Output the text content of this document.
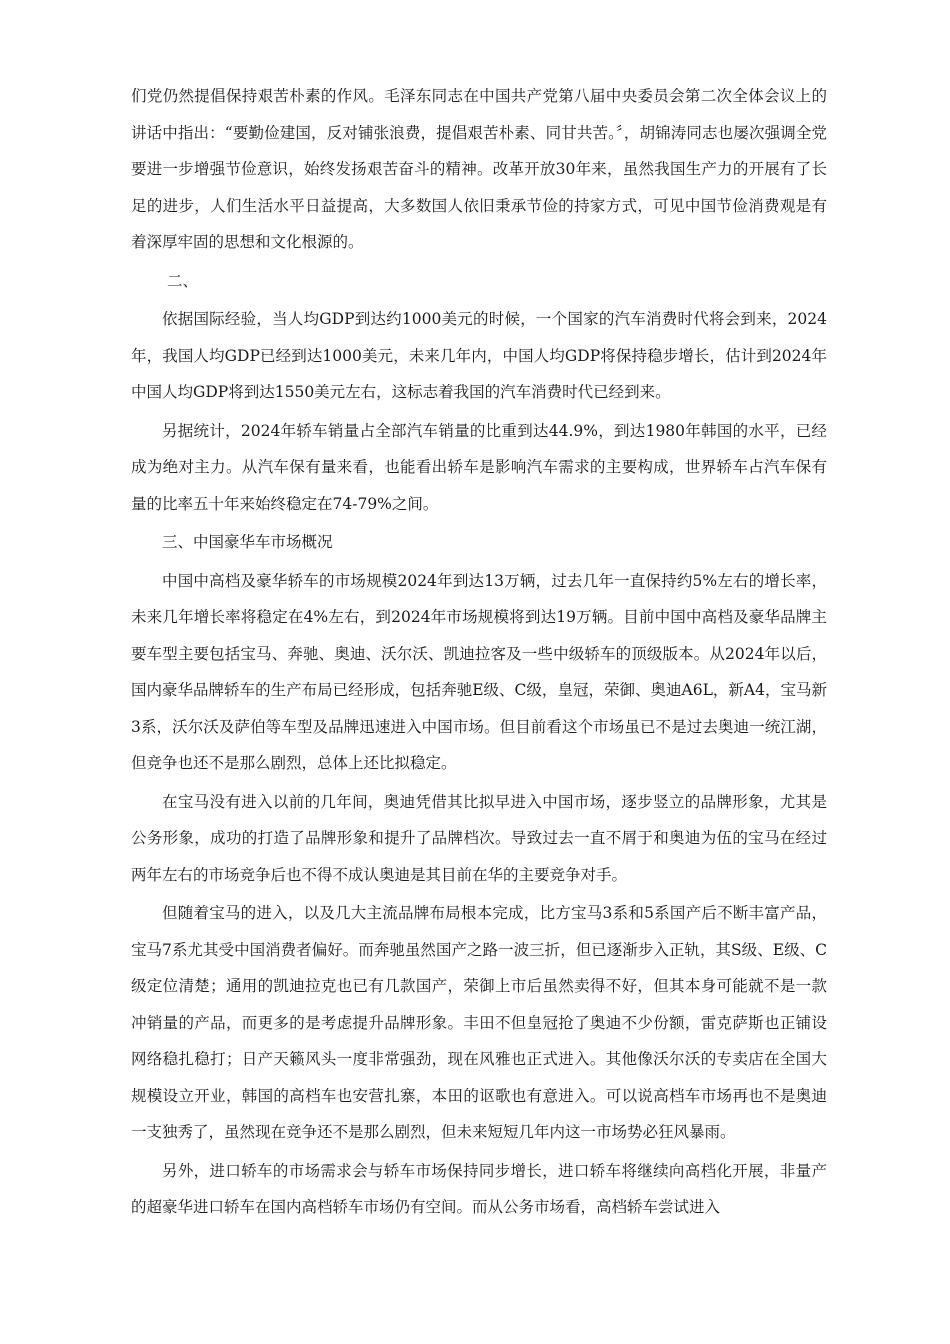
们党仍然提倡保持艰苦朴素的作风。毛泽东同志在中国共产党第八届中央委员会第二次全体会议上的讲话中指出：“要勤俭建国，反对铺张浪费，提倡艰苦朴素、同甘共苦。〞，胡锦涛同志也屡次强调全党要进一步增强节俭意识，始终发扬艰苦奋斗的精神。改革开放30年来，虽然我国生产力的开展有了长足的进步，人们生活水平日益提高，大多数国人依旧秉承节俭的持家方式，可见中国节俭消费观是有着深厚牢固的思想和文化根源的。

二、

依据国际经验，当人均GDP到达约1000美元的时候，一个国家的汽车消费时代将会到来，2024年，我国人均GDP已经到达1000美元，未来几年内，中国人均GDP将保持稳步增长，估计到2024年中国人均GDP将到达1550美元左右，这标志着我国的汽车消费时代已经到来。

另据统计，2024年轿车销量占全部汽车销量的比重到达44.9%，到达1980年韩国的水平，已经成为绝对主力。从汽车保有量来看，也能看出轿车是影响汽车需求的主要构成，世界轿车占汽车保有量的比率五十年来始终稳定在74-79%之间。

三、中国豪华车市场概况

中国中高档及豪华轿车的市场规模2024年到达13万辆，过去几年一直保持约5%左右的增长率，未来几年增长率将稳定在4%左右，到2024年市场规模将到达19万辆。目前中国中高档及豪华品牌主要车型主要包括宝马、奔驰、奥迪、沃尔沃、凯迪拉客及一些中级轿车的顶级版本。从2024年以后，国内豪华品牌轿车的生产布局已经形成，包括奔驰E级、C级，皇冠，荣御、奥迪A6L，新A4，宝马新3系，沃尔沃及萨伯等车型及品牌迅速进入中国市场。但目前看这个市场虽已不是过去奥迪一统江湖，但竞争也还不是那么剧烈，总体上还比拟稳定。

在宝马没有进入以前的几年间，奥迪凭借其比拟早进入中国市场，逐步竖立的品牌形象，尤其是公务形象，成功的打造了品牌形象和提升了品牌档次。导致过去一直不屑于和奥迪为伍的宝马在经过两年左右的市场竞争后也不得不成认奥迪是其目前在华的主要竞争对手。

但随着宝马的进入，以及几大主流品牌布局根本完成，比方宝马3系和5系国产后不断丰富产品，宝马7系尤其受中国消费者偏好。而奔驰虽然国产之路一波三折，但已逐渐步入正轨，其S级、E级、C级定位清楚；通用的凯迪拉克也已有几款国产，荣御上市后虽然卖得不好，但其本身可能就不是一款冲销量的产品，而更多的是考虑提升品牌形象。丰田不但皇冠抢了奥迪不少份额，雷克萨斯也正铺设网络稳扎稳打；日产天籁风头一度非常强劲，现在风雅也正式进入。其他像沃尔沃的专卖店在全国大规模设立开业，韩国的高档车也安营扎寨，本田的讴歌也有意进入。可以说高档车市场再也不是奥迪一支独秀了，虽然现在竞争还不是那么剧烈，但未来短短几年内这一市场势必狂风暴雨。

另外，进口轿车的市场需求会与轿车市场保持同步增长，进口轿车将继续向高档化开展，非量产的超豪华进口轿车在国内高档轿车市场仍有空间。而从公务市场看，高档轿车尝试进入
